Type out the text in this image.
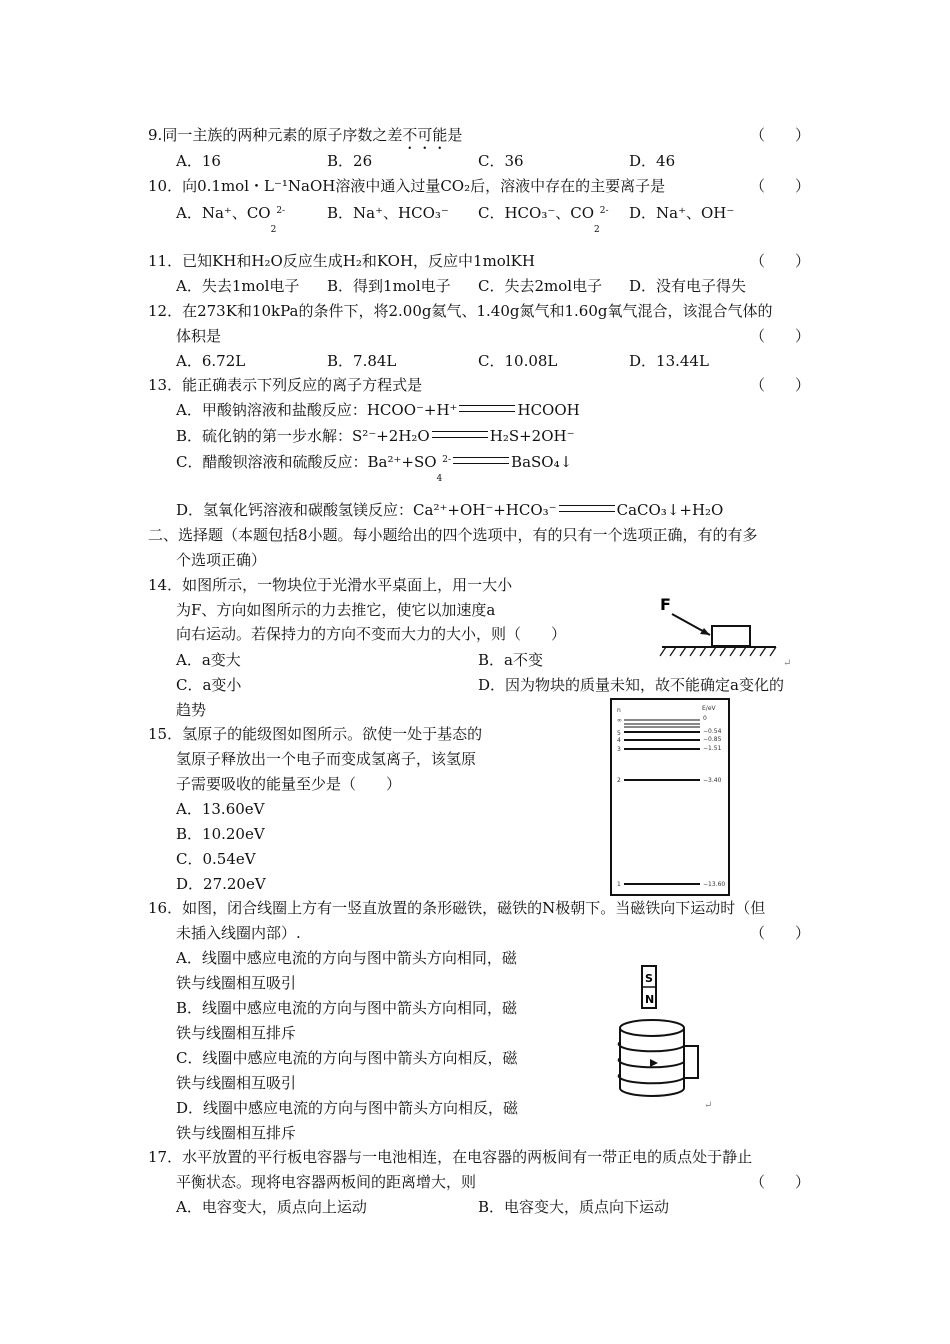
9.同一主族的两种元素的原子序数之差不可能是	（　　）
A．16	B．26	C．36	D．46
10．向0.1mol・L⁻¹NaOH溶液中通入过量CO₂后，溶液中存在的主要离子是	（　　）
A．Na⁺、$CO_2^{2-}$	B．Na⁺、HCO₃⁻ C．HCO₃⁻、$CO_2^{2-}$ D．Na⁺、OH⁻
11．已知KH和H₂O反应生成H₂和KOH，反应中1molKH	（　　）
A．失去1mol电子 B．得到1mol电子 C．失去2mol电子 D．没有电子得失
12．在273K和10kPa的条件下，将2.00g氦气、1.40g氮气和1.60g氧气混合，该混合气体的
体积是	（　　）
A．6.72L	B．7.84L	C．10.08L	D．13.44L
13．能正确表示下列反应的离子方程式是	（　　）
A．甲酸钠溶液和盐酸反应：HCOO⁻+H⁺	HCOOH
B．硫化钠的第一步水解：S²⁻+2H₂O	H₂S+2OH⁻
C．醋酸钡溶液和硫酸反应：$Ba^{2+}+SO_4^{2-}$	BaSO₄↓
D．氢氧化钙溶液和碳酸氢镁反应：Ca²⁺+OH⁻+HCO₃⁻	CaCO₃↓+H₂O
二、选择题（本题包括8小题。每小题给出的四个选项中，有的只有一个选项正确，有的有多
个选项正确）
14．如图所示，一物块位于光滑水平桌面上，用一大小
为F、方向如图所示的力去推它，使它以加速度a
向右运动。若保持力的方向不变而大力的大小，则（　　）
A．a变大	B．a不变
C．a变小	D．因为物块的质量未知，故不能确定a变化的
趋势
F
↵
15．氢原子的能级图如图所示。欲使一处于基态的
氢原子释放出一个电子而变成氢离子，该氢原
子需要吸收的能量至少是（　　）
A．13.60eV
B．10.20eV
C．0.54eV
D．27.20eV
n	E/eV
∞	0
5	−0.54
4	−0.85
3	−1.51
2	−3.40
1	−13.60
16．如图，闭合线圈上方有一竖直放置的条形磁铁，磁铁的N极朝下。当磁铁向下运动时（但
未插入线圈内部）.	（　　）
A．线圈中感应电流的方向与图中箭头方向相同，磁
铁与线圈相互吸引
B．线圈中感应电流的方向与图中箭头方向相同，磁
铁与线圈相互排斥
C．线圈中感应电流的方向与图中箭头方向相反，磁
铁与线圈相互吸引
D．线圈中感应电流的方向与图中箭头方向相反，磁
铁与线圈相互排斥
S
N
↵
17．水平放置的平行板电容器与一电池相连，在电容器的两板间有一带正电的质点处于静止
平衡状态。现将电容器两板间的距离增大，则	（　　）
A．电容变大，质点向上运动	B．电容变大，质点向下运动
